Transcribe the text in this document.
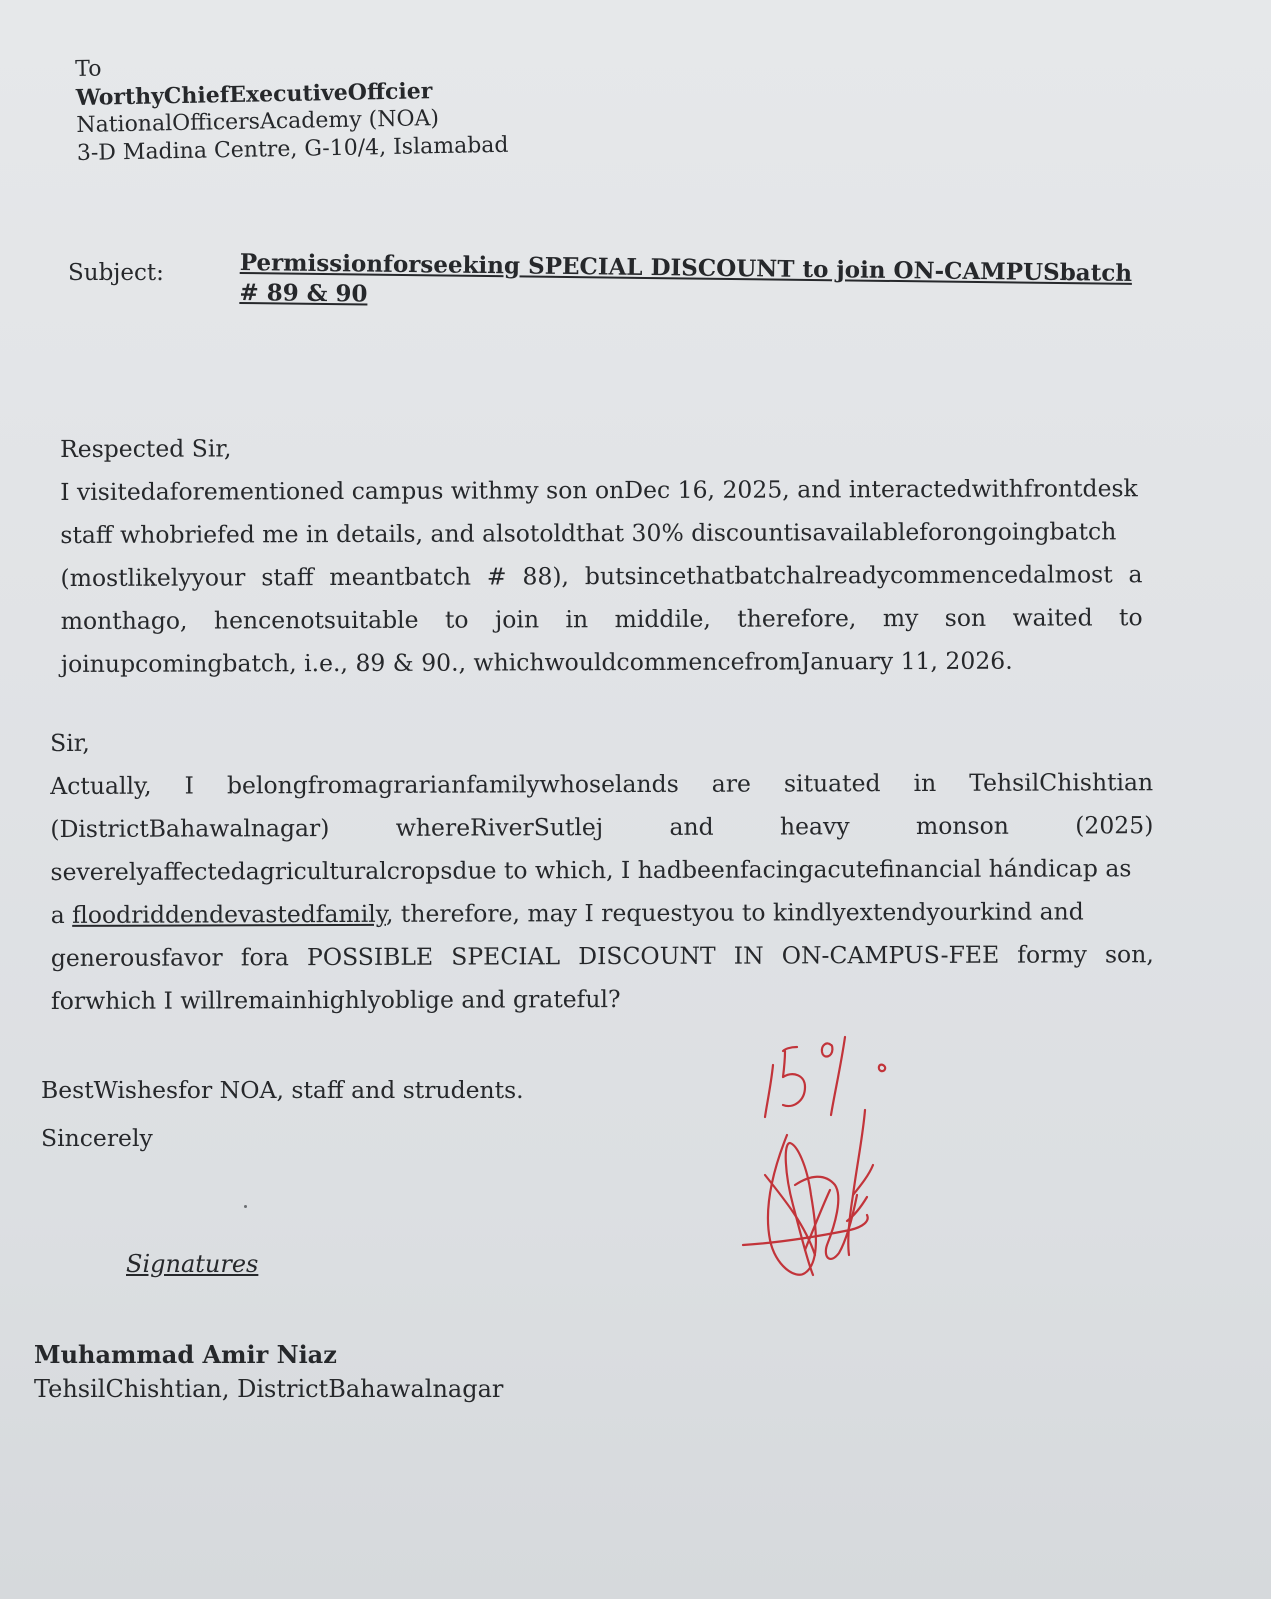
To
WorthyChiefExecutiveOffcier
NationalOfficersAcademy (NOA)
3-D Madina Centre, G-10/4, Islamabad
Subject:	Permissionforseeking SPECIAL DISCOUNT to join ON-CAMPUSbatch
# 89 & 90
Respected Sir,
I visitedaforementioned campus withmy son onDec 16, 2025, and interactedwithfrontdesk
staff whobriefed me in details, and alsotoldthat 30% discountisavailableforongoingbatch
(mostlikelyyour staff meantbatch # 88), butsincethatbatchalreadycommencedalmost a
monthago, hencenotsuitable to join in middile, therefore, my son waited to
joinupcomingbatch, i.e., 89 & 90., whichwouldcommencefromJanuary 11, 2026.
Sir,
Actually, I belongfromagrarianfamilywhoselands are situated in TehsilChishtian
(DistrictBahawalnagar)	whereRiverSutlej	and	heavy	monson	(2025)
severelyaffectedagriculturalcropsdue to which, I hadbeenfacingacutefinancial hándicap as
a floodriddendevastedfamily, therefore, may I requestyou to kindlyextendyourkind and
generousfavor fora POSSIBLE SPECIAL DISCOUNT IN ON-CAMPUS-FEE formy son,
forwhich I willremainhighlyoblige and grateful?
BestWishesfor NOA, staff and strudents.
Sincerely
Signatures
Muhammad Amir Niaz
TehsilChishtian, DistrictBahawalnagar
